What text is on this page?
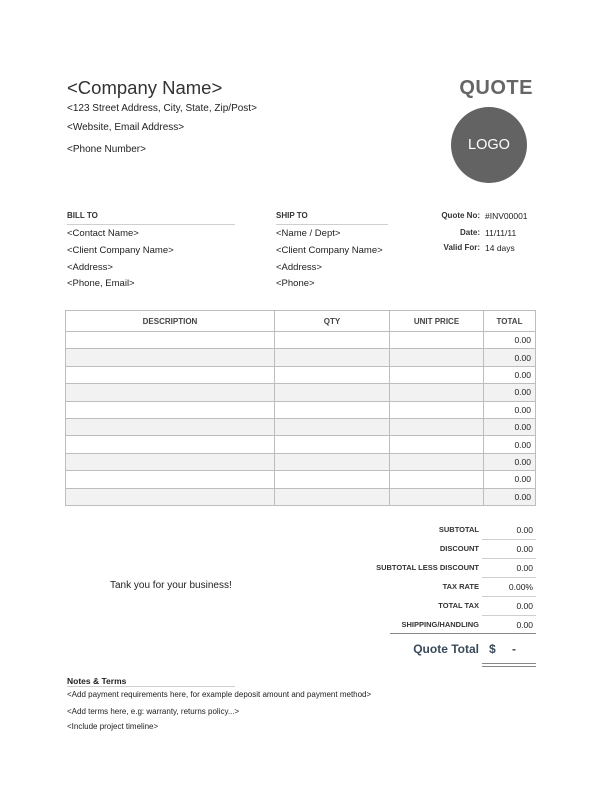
<Company Name>
<123 Street Address, City, State, Zip/Post>
<Website, Email Address>
<Phone Number>
QUOTE
LOGO
BILL TO
<Contact Name>
<Client Company Name>
<Address>
<Phone, Email>
SHIP TO
<Name / Dept>
<Client Company Name>
<Address>
<Phone>
Quote No: #INV00001
Date: 11/11/11
Valid For: 14 days
DESCRIPTION	QTY	UNIT PRICE	TOTAL
			0.00
			0.00
			0.00
			0.00
			0.00
			0.00
			0.00
			0.00
			0.00
			0.00
SUBTOTAL	0.00
DISCOUNT	0.00
SUBTOTAL LESS DISCOUNT	0.00
TAX RATE	0.00%
TOTAL TAX	0.00
SHIPPING/HANDLING	0.00
Tank you for your business!
Quote Total $ -
Notes & Terms
<Add payment requirements here, for example deposit amount and payment method>
<Add terms here, e.g: warranty, returns policy...>
<Include project timeline>
